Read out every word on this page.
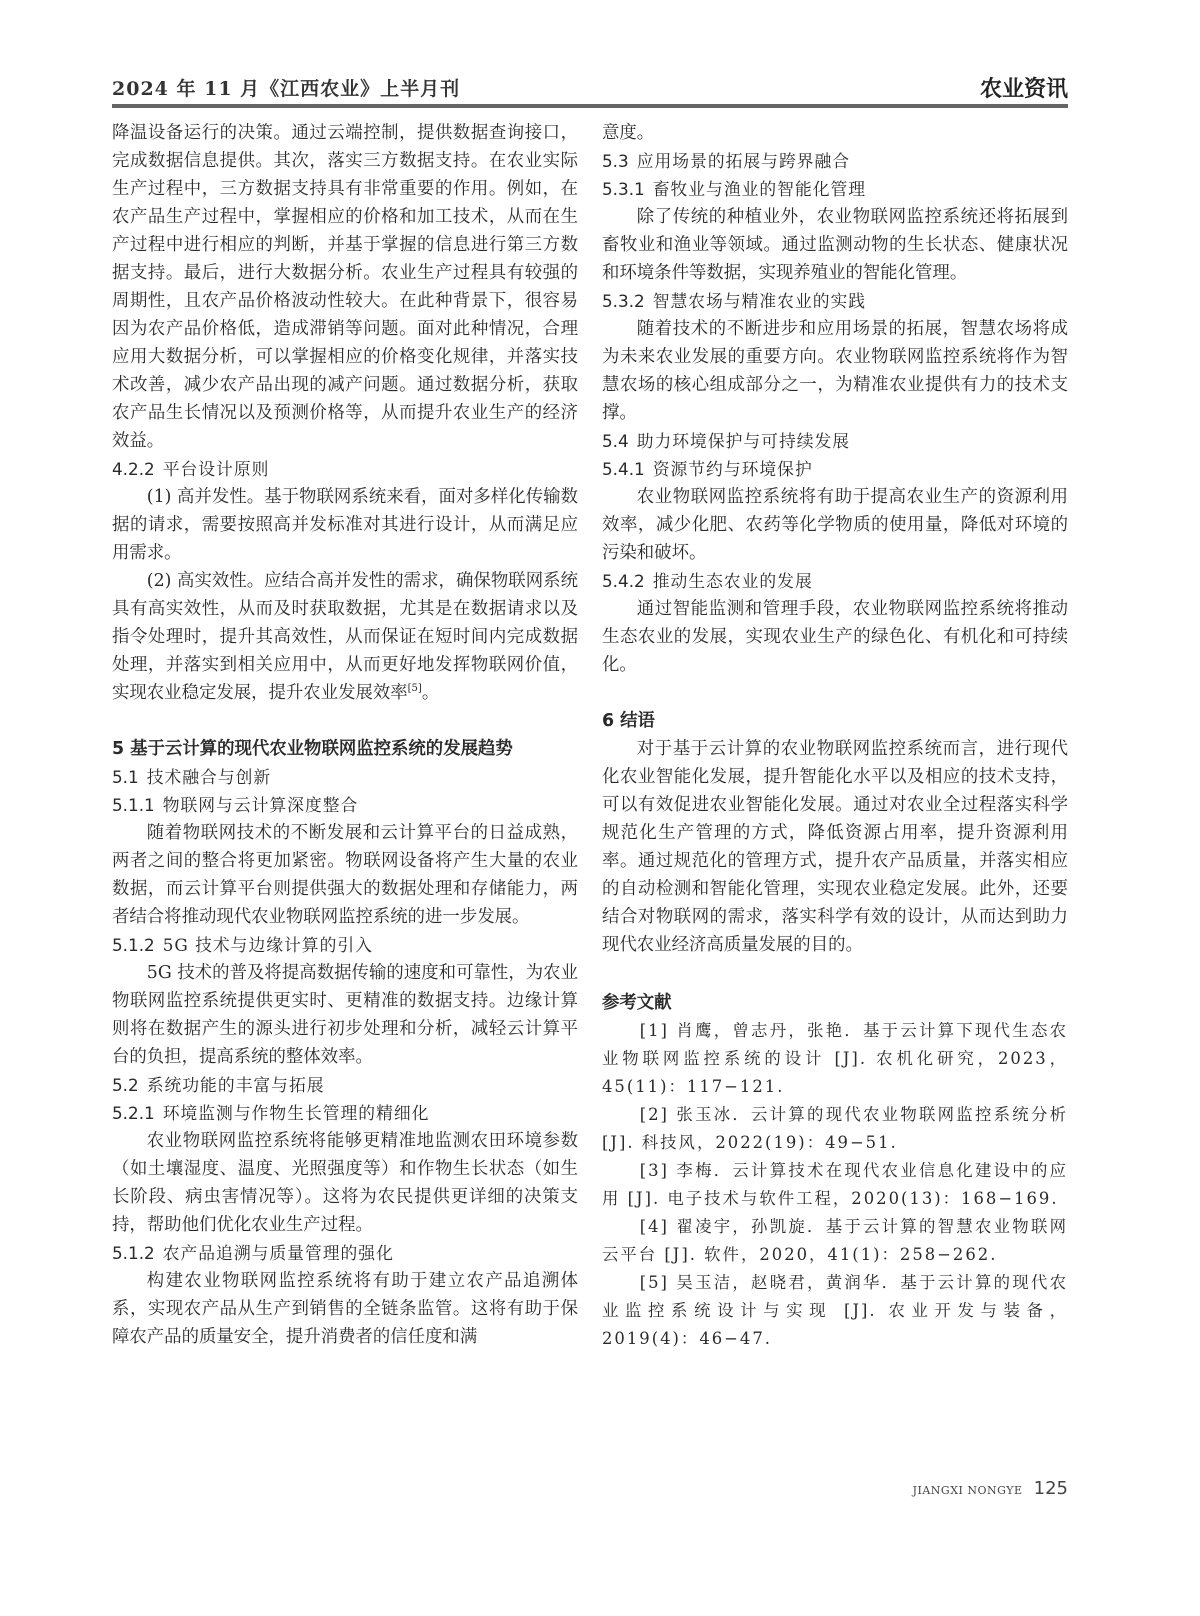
2024 年 11 月《江西农业》上半月刊	农业资讯

降温设备运行的决策。通过云端控制，提供数据查询接口，完成数据信息提供。其次，落实三方数据支持。在农业实际生产过程中，三方数据支持具有非常重要的作用。例如，在农产品生产过程中，掌握相应的价格和加工技术，从而在生产过程中进行相应的判断，并基于掌握的信息进行第三方数据支持。最后，进行大数据分析。农业生产过程具有较强的周期性，且农产品价格波动性较大。在此种背景下，很容易因为农产品价格低，造成滞销等问题。面对此种情况，合理应用大数据分析，可以掌握相应的价格变化规律，并落实技术改善，减少农产品出现的减产问题。通过数据分析，获取农产品生长情况以及预测价格等，从而提升农业生产的经济效益。

4.2.2 平台设计原则

(1) 高并发性。基于物联网系统来看，面对多样化传输数据的请求，需要按照高并发标准对其进行设计，从而满足应用需求。

(2) 高实效性。应结合高并发性的需求，确保物联网系统具有高实效性，从而及时获取数据，尤其是在数据请求以及指令处理时，提升其高效性，从而保证在短时间内完成数据处理，并落实到相关应用中，从而更好地发挥物联网价值，实现农业稳定发展，提升农业发展效率[5]。

5 基于云计算的现代农业物联网监控系统的发展趋势

5.1 技术融合与创新

5.1.1 物联网与云计算深度整合

随着物联网技术的不断发展和云计算平台的日益成熟，两者之间的整合将更加紧密。物联网设备将产生大量的农业数据，而云计算平台则提供强大的数据处理和存储能力，两者结合将推动现代农业物联网监控系统的进一步发展。

5.1.2 5G 技术与边缘计算的引入

5G 技术的普及将提高数据传输的速度和可靠性，为农业物联网监控系统提供更实时、更精准的数据支持。边缘计算则将在数据产生的源头进行初步处理和分析，减轻云计算平台的负担，提高系统的整体效率。

5.2 系统功能的丰富与拓展

5.2.1 环境监测与作物生长管理的精细化

农业物联网监控系统将能够更精准地监测农田环境参数（如土壤湿度、温度、光照强度等）和作物生长状态（如生长阶段、病虫害情况等）。这将为农民提供更详细的决策支持，帮助他们优化农业生产过程。

5.1.2 农产品追溯与质量管理的强化

构建农业物联网监控系统将有助于建立农产品追溯体系，实现农产品从生产到销售的全链条监管。这将有助于保障农产品的质量安全，提升消费者的信任度和满

意度。

5.3 应用场景的拓展与跨界融合

5.3.1 畜牧业与渔业的智能化管理

除了传统的种植业外，农业物联网监控系统还将拓展到畜牧业和渔业等领域。通过监测动物的生长状态、健康状况和环境条件等数据，实现养殖业的智能化管理。

5.3.2 智慧农场与精准农业的实践

随着技术的不断进步和应用场景的拓展，智慧农场将成为未来农业发展的重要方向。农业物联网监控系统将作为智慧农场的核心组成部分之一，为精准农业提供有力的技术支撑。

5.4 助力环境保护与可持续发展

5.4.1 资源节约与环境保护

农业物联网监控系统将有助于提高农业生产的资源利用效率，减少化肥、农药等化学物质的使用量，降低对环境的污染和破坏。

5.4.2 推动生态农业的发展

通过智能监测和管理手段，农业物联网监控系统将推动生态农业的发展，实现农业生产的绿色化、有机化和可持续化。

6 结语

对于基于云计算的农业物联网监控系统而言，进行现代化农业智能化发展，提升智能化水平以及相应的技术支持，可以有效促进农业智能化发展。通过对农业全过程落实科学规范化生产管理的方式，降低资源占用率，提升资源利用率。通过规范化的管理方式，提升农产品质量，并落实相应的自动检测和智能化管理，实现农业稳定发展。此外，还要结合对物联网的需求，落实科学有效的设计，从而达到助力现代农业经济高质量发展的目的。

参考文献

[1] 肖鹰，曾志丹，张艳．基于云计算下现代生态农业物联网监控系统的设计 [J]. 农机化研究，2023，45(11)：117−121.

[2] 张玉冰．云计算的现代农业物联网监控系统分析 [J]. 科技风，2022(19)：49−51.

[3] 李梅．云计算技术在现代农业信息化建设中的应用 [J]. 电子技术与软件工程，2020(13)：168−169.

[4] 翟凌宇，孙凯旋．基于云计算的智慧农业物联网云平台 [J]. 软件，2020，41(1)：258−262.

[5] 吴玉洁，赵晓君，黄润华．基于云计算的现代农业监控系统设计与实现 [J]. 农业开发与装备，2019(4)：46−47.

JIANGXI NONGYE 125
